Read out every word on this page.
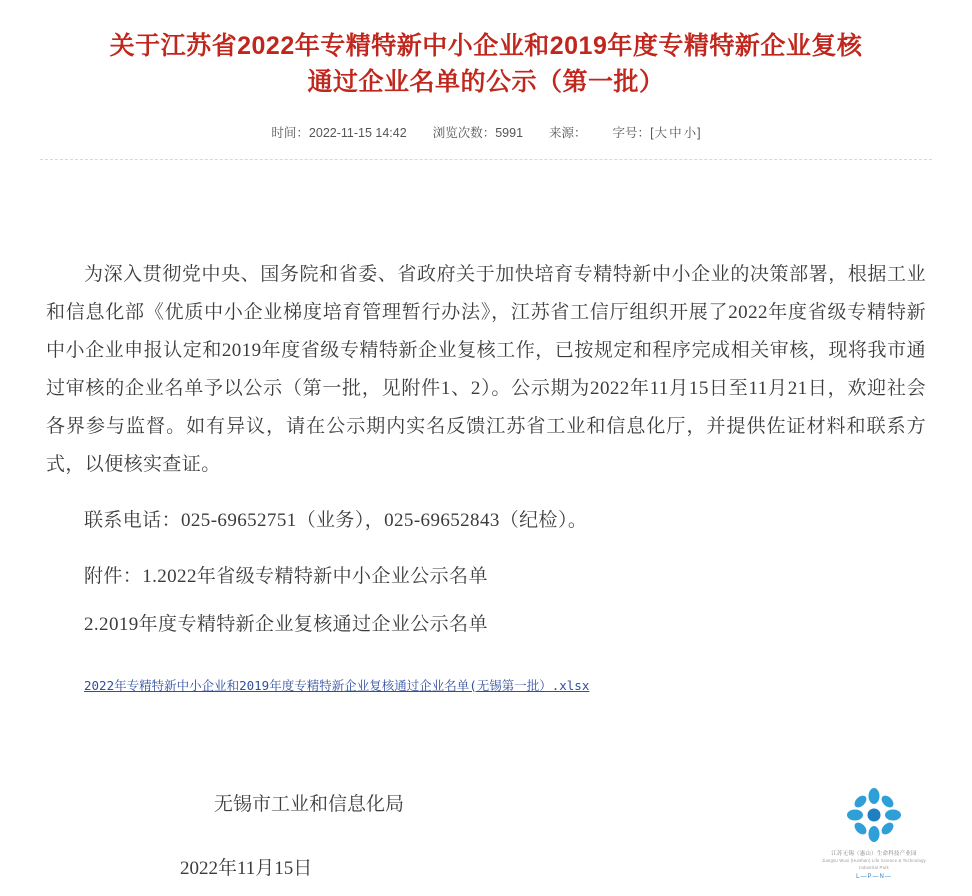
关于江苏省2022年专精特新中小企业和2019年度专精特新企业复核通过企业名单的公示（第一批）
时间：2022-11-15 14:42 浏览次数：5991 来源： 字号：[大 中 小]

为深入贯彻党中央、国务院和省委、省政府关于加快培育专精特新中小企业的决策部署，根据工业和信息化部《优质中小企业梯度培育管理暂行办法》，江苏省工信厅组织开展了2022年度省级专精特新中小企业申报认定和2019年度省级专精特新企业复核工作，已按规定和程序完成相关审核，现将我市通过审核的企业名单予以公示（第一批，见附件1、2）。公示期为2022年11月15日至11月21日，欢迎社会各界参与监督。如有异议，请在公示期内实名反馈江苏省工业和信息化厅，并提供佐证材料和联系方式，以便核实查证。

联系电话：025-69652751（业务），025-69652843（纪检）。

附件：1.2022年省级专精特新中小企业公示名单

2.2019年度专精特新企业复核通过企业公示名单

2022年专精特新中小企业和2019年度专精特新企业复核通过企业名单(无锡第一批）.xlsx

无锡市工业和信息化局

2022年11月15日

江苏无锡（惠山）生命科技产业园
Jiangsu Wuxi (Huishan) Life Science & Technology Industrial Park
L—P—N—
